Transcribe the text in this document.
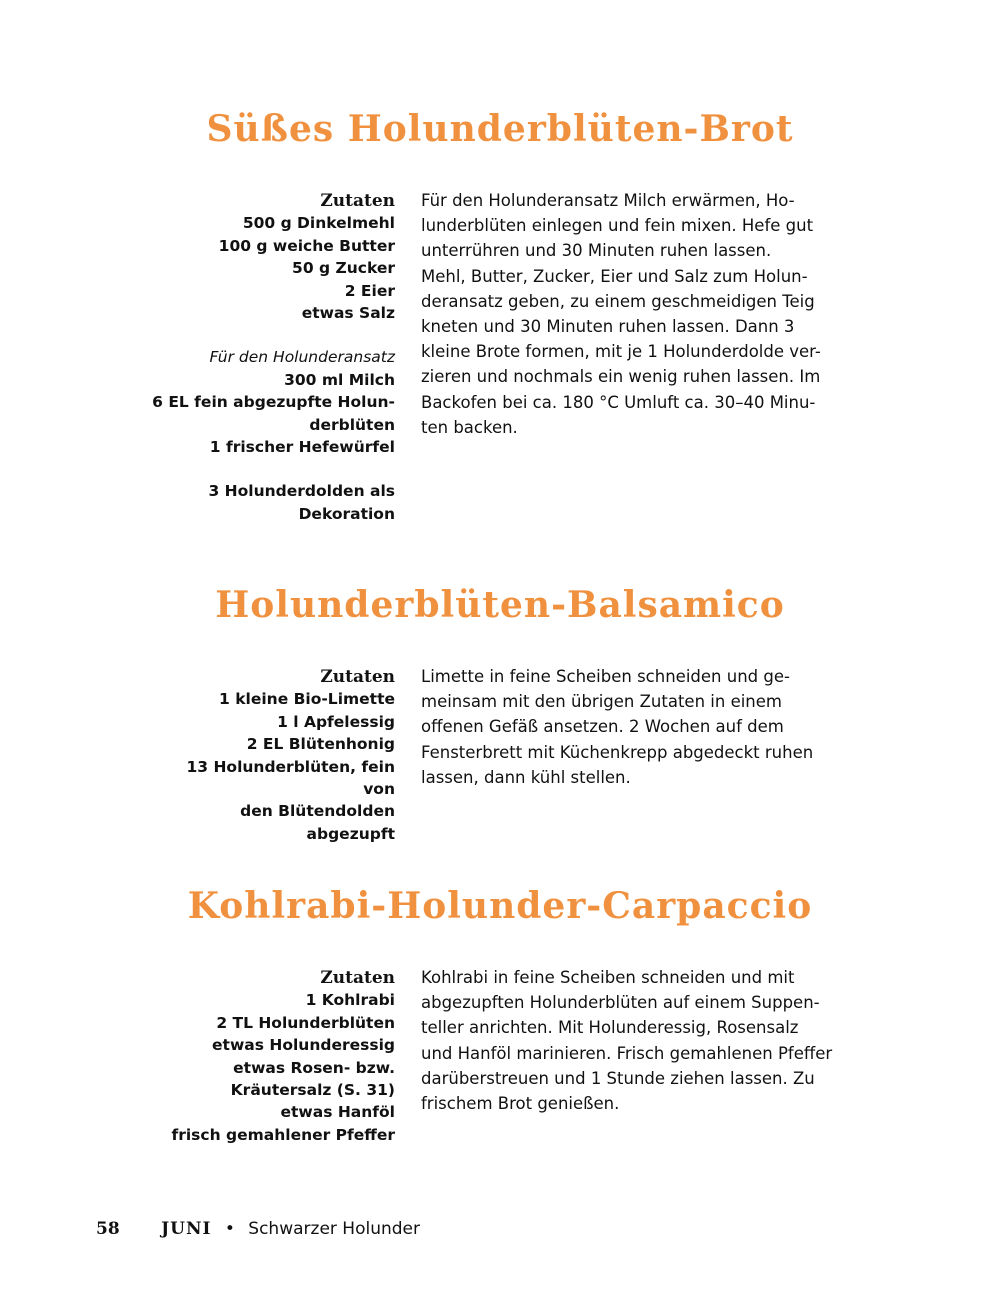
Süßes Holunderblüten-Brot
Zutaten
500 g Dinkelmehl
100 g weiche Butter
50 g Zucker
2 Eier
etwas Salz
Für den Holunderansatz
300 ml Milch
6 EL fein abgezupfte Holun-
derblüten
1 frischer Hefewürfel
3 Holunderdolden als
Dekoration
Für den Holunderansatz Milch erwärmen, Ho-
lunderblüten einlegen und fein mixen. Hefe gut
unterrühren und 30 Minuten ruhen lassen.
Mehl, Butter, Zucker, Eier und Salz zum Holun-
deransatz geben, zu einem geschmeidigen Teig
kneten und 30 Minuten ruhen lassen. Dann 3
kleine Brote formen, mit je 1 Holunderdolde ver-
zieren und nochmals ein wenig ruhen lassen. Im
Backofen bei ca. 180 °C Umluft ca. 30–40 Minu-
ten backen.
Holunderblüten-Balsamico
Zutaten
1 kleine Bio-Limette
1 l Apfelessig
2 EL Blütenhonig
13 Holunderblüten, fein von
den Blütendolden abgezupft
Limette in feine Scheiben schneiden und ge-
meinsam mit den übrigen Zutaten in einem
offenen Gefäß ansetzen. 2 Wochen auf dem
Fensterbrett mit Küchenkrepp abgedeckt ruhen
lassen, dann kühl stellen.
Kohlrabi-Holunder-Carpaccio
Zutaten
1 Kohlrabi
2 TL Holunderblüten
etwas Holunderessig
etwas Rosen- bzw.
Kräutersalz (S. 31)
etwas Hanföl
frisch gemahlener Pfeffer
Kohlrabi in feine Scheiben schneiden und mit
abgezupften Holunderblüten auf einem Suppen-
teller anrichten. Mit Holunderessig, Rosensalz
und Hanföl marinieren. Frisch gemahlenen Pfeffer
darüberstreuen und 1 Stunde ziehen lassen. Zu
frischem Brot genießen.
58 JUNI • Schwarzer Holunder
